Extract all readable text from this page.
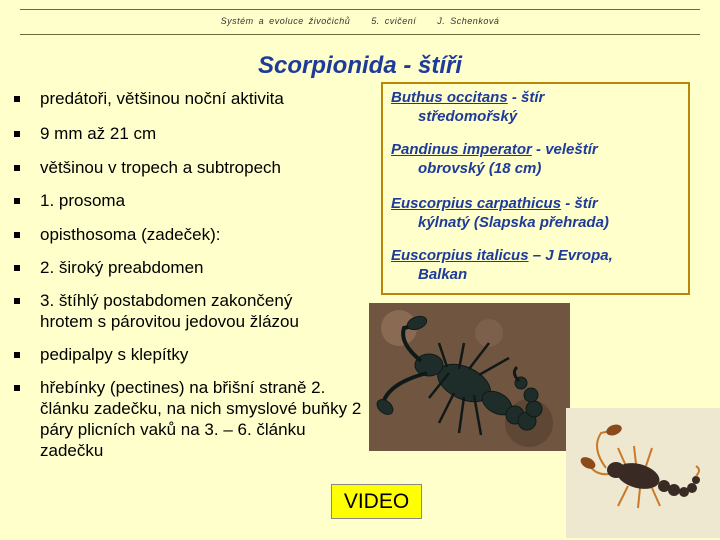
Systém a evoluce živočichů 5. cvičení J. Schenková
Scorpionida - štíři
predátoři, většinou noční aktivita
9 mm až 21 cm
většinou v tropech a subtropech
1. prosoma
opisthosoma (zadeček):
2. široký preabdomen
3. štíhlý postabdomen zakončený hrotem s párovitou jedovou žlázou
pedipalpy s klepítky
hřebínky (pectines) na břišní straně 2. článku zadečku, na nich smyslové buňky 2 páry plicních vaků na 3. – 6. článku zadečku
Buthus occitans - štír
středomořský
Pandinus imperator - veleštír
obrovský (18 cm)
Euscorpius carpathicus - štír
kýlnatý (Slapska přehrada)
Euscorpius italicus – J Evropa,
Balkan
VIDEO
